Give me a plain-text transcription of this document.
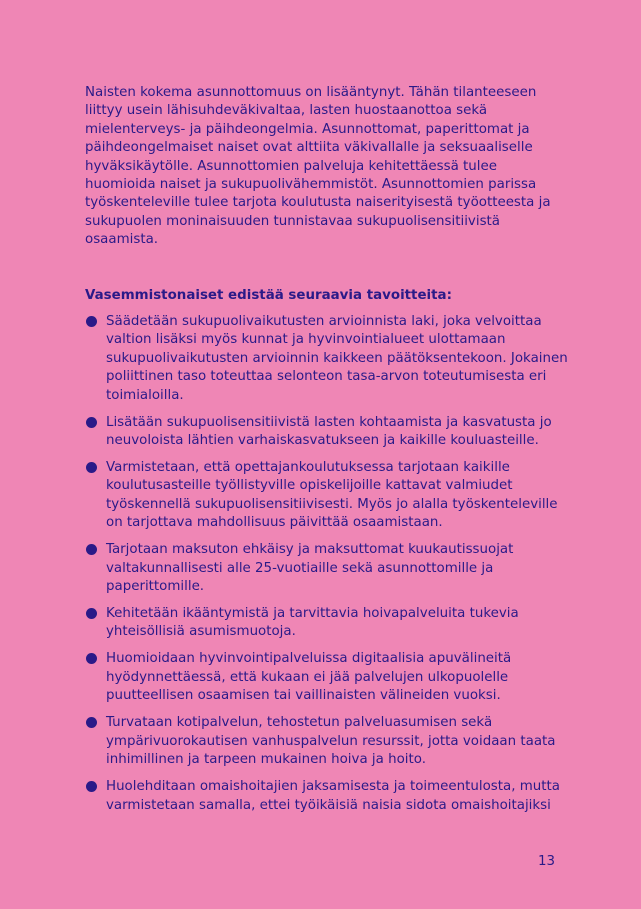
Naisten kokema asunnottomuus on lisääntynyt. Tähän tilanteeseen liittyy usein lähisuhdeväkivaltaa, lasten huostaanottoa sekä mielenterveys- ja päihdeongelmia. Asunnottomat, paperittomat ja päihdeongelmaiset naiset ovat alttiita väkivallalle ja seksuaaliselle hyväksikäytölle. Asunnottomien palveluja kehitettäessä tulee huomioida naiset ja sukupuolivähemmistöt. Asunnottomien parissa työskenteleville tulee tarjota koulutusta naiserityisestä työotteesta ja sukupuolen moninaisuuden tunnistavaa sukupuolisensitiivistä osaamista.

Vasemmistonaiset edistää seuraavia tavoitteita:
Säädetään sukupuolivaikutusten arvioinnista laki, joka velvoittaa valtion lisäksi myös kunnat ja hyvinvointialueet ulottamaan sukupuolivaikutusten arvioinnin kaikkeen päätöksentekoon. Jokainen poliittinen taso toteuttaa selonteon tasa-arvon toteutumisesta eri toimialoilla.
Lisätään sukupuolisensitiivistä lasten kohtaamista ja kasvatusta jo neuvoloista lähtien varhaiskasvatukseen ja kaikille kouluasteille.
Varmistetaan, että opettajankoulutuksessa tarjotaan kaikille koulutusasteille työllistyville opiskelijoille kattavat valmiudet työskennellä sukupuolisensitiivisesti. Myös jo alalla työskenteleville on tarjottava mahdollisuus päivittää osaamistaan.
Tarjotaan maksuton ehkäisy ja maksuttomat kuukautissuojat valtakunnallisesti alle 25-vuotiaille sekä asunnottomille ja paperittomille.
Kehitetään ikääntymistä ja tarvittavia hoivapalveluita tukevia yhteisöllisiä asumismuotoja.
Huomioidaan hyvinvointipalveluissa digitaalisia apuvälineitä hyödynnettäessä, että kukaan ei jää palvelujen ulkopuolelle puutteellisen osaamisen tai vaillinaisten välineiden vuoksi.
Turvataan kotipalvelun, tehostetun palveluasumisen sekä ympärivuorokautisen vanhuspalvelun resurssit, jotta voidaan taata inhimillinen ja tarpeen mukainen hoiva ja hoito.
Huolehditaan omaishoitajien jaksamisesta ja toimeentulosta, mutta varmistetaan samalla, ettei työikäisiä naisia sidota omaishoitajiksi
13
